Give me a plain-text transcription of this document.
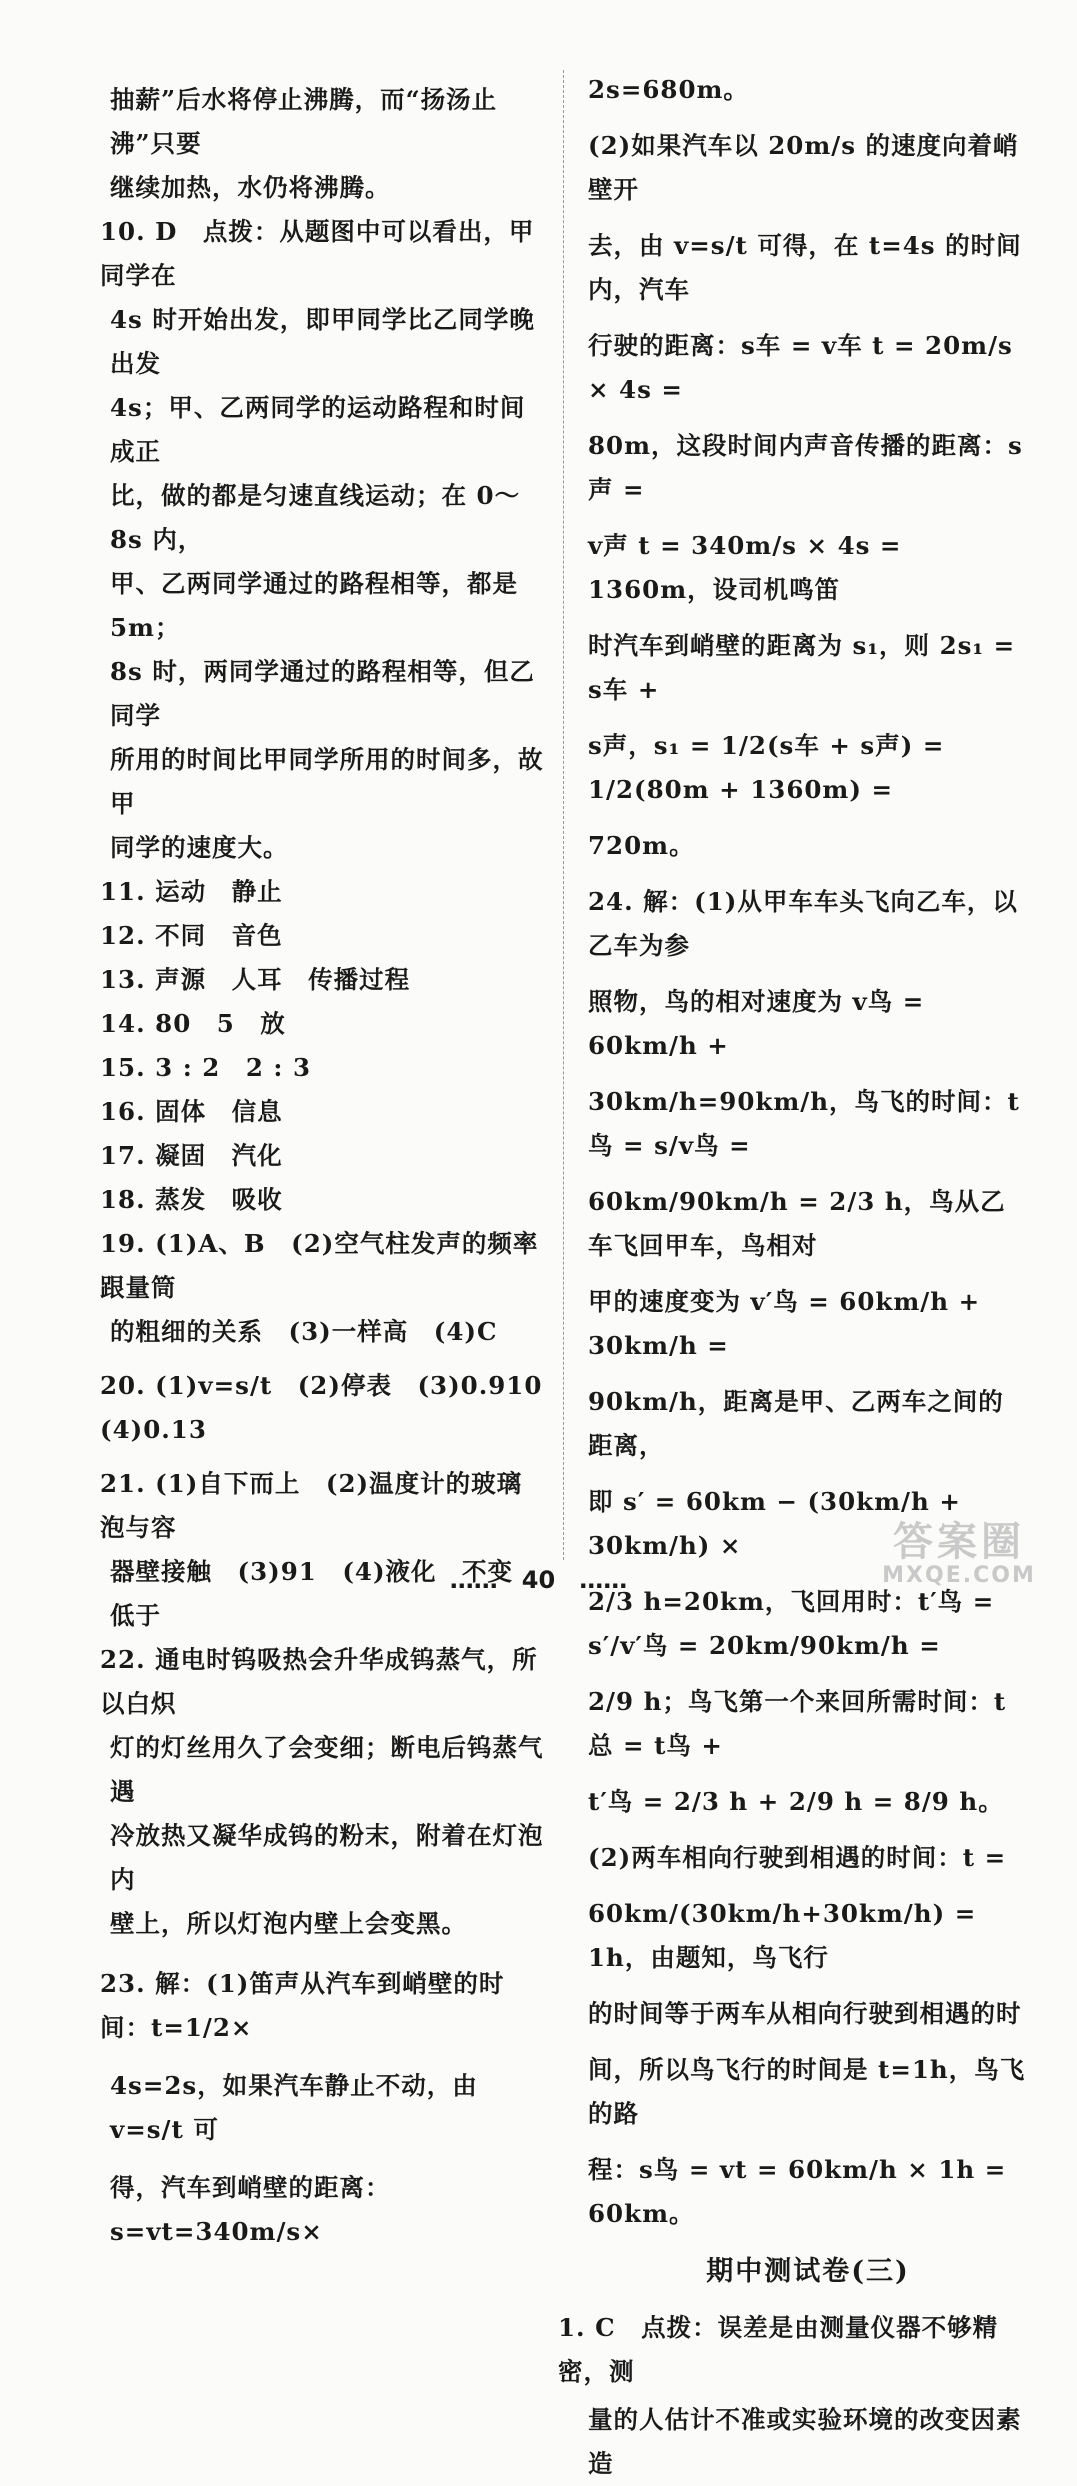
抽薪”后水将停止沸腾，而“扬汤止沸”只要

继续加热，水仍将沸腾。

10. D　点拨：从题图中可以看出，甲同学在

4s 时开始出发，即甲同学比乙同学晚出发

4s；甲、乙两同学的运动路程和时间成正

比，做的都是匀速直线运动；在 0～8s 内，

甲、乙两同学通过的路程相等，都是 5m；

8s 时，两同学通过的路程相等，但乙同学

所用的时间比甲同学所用的时间多，故甲

同学的速度大。

11. 运动　静止

12. 不同　音色

13. 声源　人耳　传播过程

14. 80　5　放

15. 3 : 2　2 : 3

16. 固体　信息

17. 凝固　汽化

18. 蒸发　吸收

19. (1)A、B　(2)空气柱发声的频率跟量筒

的粗细的关系　(3)一样高　(4)C

20. (1)v=s/t　(2)停表　(3)0.910　(4)0.13

21. (1)自下而上　(2)温度计的玻璃泡与容

器壁接触　(3)91　(4)液化　不变

低于

22. 通电时钨吸热会升华成钨蒸气，所以白炽

灯的灯丝用久了会变细；断电后钨蒸气遇

冷放热又凝华成钨的粉末，附着在灯泡内

壁上，所以灯泡内壁上会变黑。

23. 解：(1)笛声从汽车到峭壁的时间：t=1/2×

4s=2s，如果汽车静止不动，由 v=s/t 可

得，汽车到峭壁的距离：s=vt=340m/s×

2s=680m。

(2)如果汽车以 20m/s 的速度向着峭壁开

去，由 v=s/t 可得，在 t=4s 的时间内，汽车

行驶的距离：s车 = v车 t = 20m/s × 4s =

80m，这段时间内声音传播的距离：s声 =

v声 t = 340m/s × 4s = 1360m，设司机鸣笛

时汽车到峭壁的距离为 s₁，则 2s₁ = s车 +

s声，s₁ = 1/2(s车 + s声) = 1/2(80m + 1360m) =

720m。

24. 解：(1)从甲车车头飞向乙车，以乙车为参

照物，鸟的相对速度为 v鸟 = 60km/h +

30km/h=90km/h，鸟飞的时间：t鸟 = s/v鸟 =

60km/90km/h = 2/3 h，鸟从乙车飞回甲车，鸟相对

甲的速度变为 v′鸟 = 60km/h + 30km/h =

90km/h，距离是甲、乙两车之间的距离，

即 s′ = 60km − (30km/h + 30km/h) ×

2/3 h=20km，飞回用时：t′鸟 = s′/v′鸟 = 20km/90km/h =

2/9 h；鸟飞第一个来回所需时间：t总 = t鸟 +

t′鸟 = 2/3 h + 2/9 h = 8/9 h。

(2)两车相向行驶到相遇的时间：t =

60km/(30km/h+30km/h) = 1h，由题知，鸟飞行

的时间等于两车从相向行驶到相遇的时

间，所以鸟飞行的时间是 t=1h，鸟飞的路

程：s鸟 = vt = 60km/h × 1h = 60km。

期中测试卷(三)

1. C　点拨：误差是由测量仪器不够精密，测

量的人估计不准或实验环境的改变因素造

……　40　……
答案圈
MXQE.COM
